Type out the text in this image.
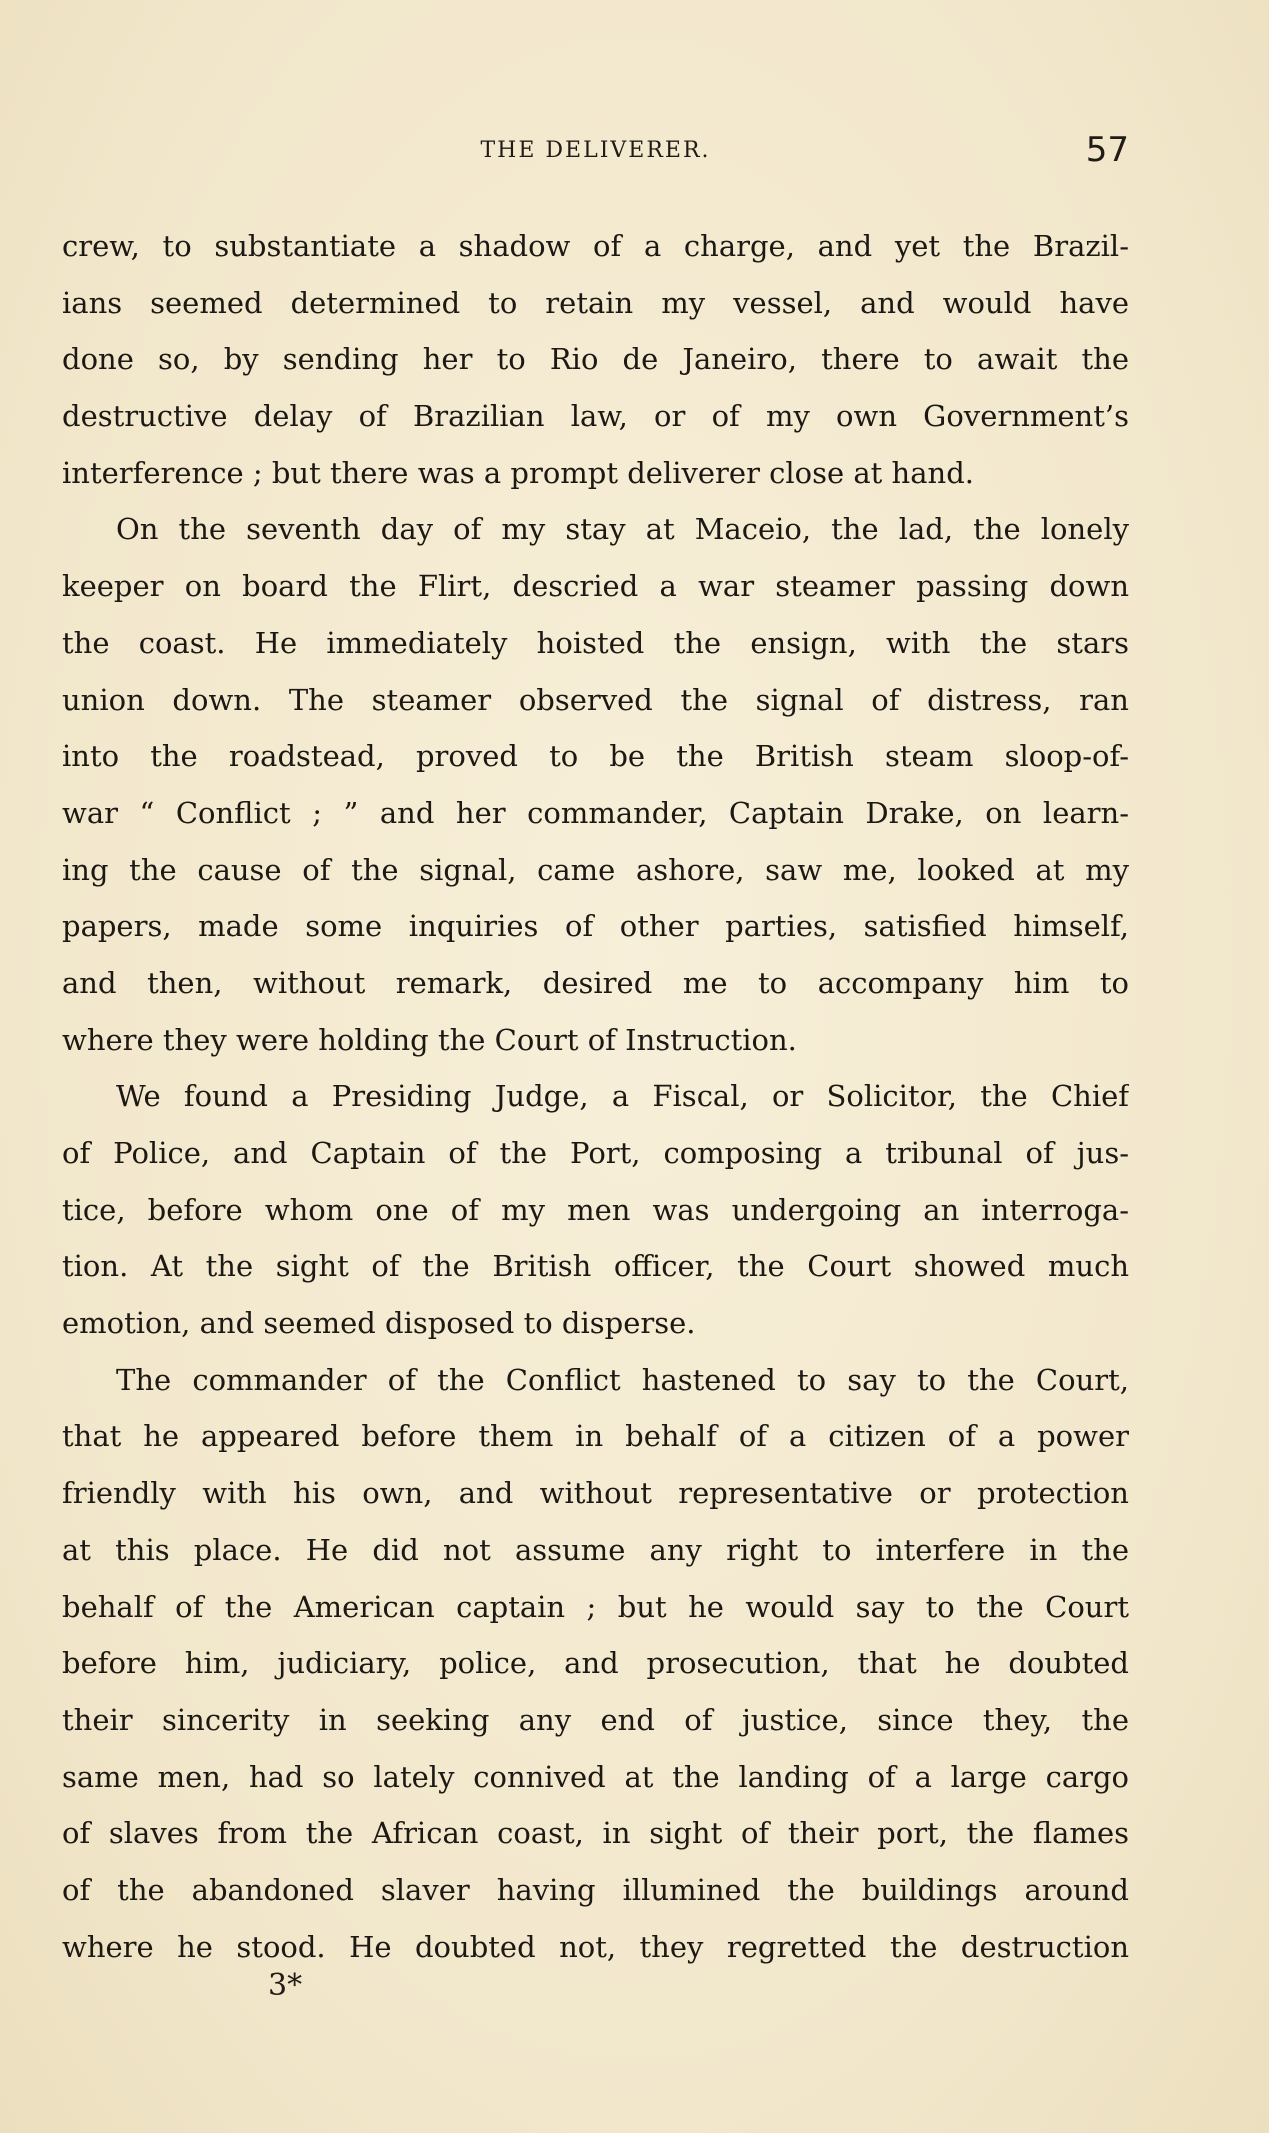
THE DELIVERER.	57
crew, to substantiate a shadow of a charge, and yet the Brazil-
ians seemed determined to retain my vessel, and would have
done so, by sending her to Rio de Janeiro, there to await the
destructive delay of Brazilian law, or of my own Government’s
interference ; but there was a prompt deliverer close at hand.
On the seventh day of my stay at Maceio, the lad, the lonely
keeper on board the Flirt, descried a war steamer passing down
the coast. He immediately hoisted the ensign, with the stars
union down. The steamer observed the signal of distress, ran
into the roadstead, proved to be the British steam sloop-of-
war “ Conflict ; ” and her commander, Captain Drake, on learn-
ing the cause of the signal, came ashore, saw me, looked at my
papers, made some inquiries of other parties, satisfied himself,
and then, without remark, desired me to accompany him to
where they were holding the Court of Instruction.
We found a Presiding Judge, a Fiscal, or Solicitor, the Chief
of Police, and Captain of the Port, composing a tribunal of jus-
tice, before whom one of my men was undergoing an interroga-
tion. At the sight of the British officer, the Court showed much
emotion, and seemed disposed to disperse.
The commander of the Conflict hastened to say to the Court,
that he appeared before them in behalf of a citizen of a power
friendly with his own, and without representative or protection
at this place. He did not assume any right to interfere in the
behalf of the American captain ; but he would say to the Court
before him, judiciary, police, and prosecution, that he doubted
their sincerity in seeking any end of justice, since they, the
same men, had so lately connived at the landing of a large cargo
of slaves from the African coast, in sight of their port, the flames
of the abandoned slaver having illumined the buildings around
where he stood. He doubted not, they regretted the destruction
3*
